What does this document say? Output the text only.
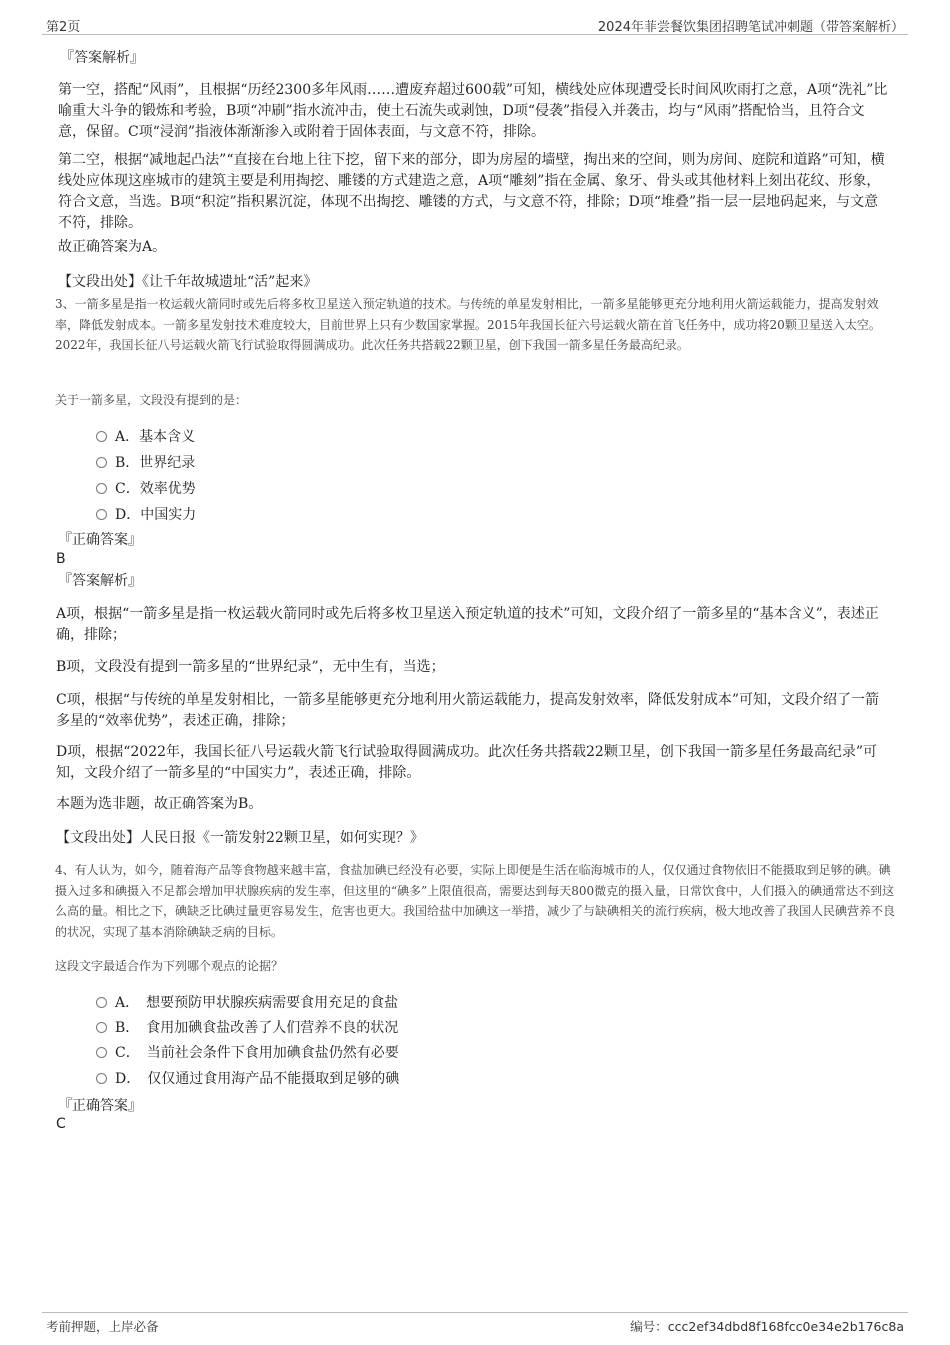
第2页	2024年菲尝餐饮集团招聘笔试冲刺题（带答案解析）

『答案解析』

第一空，搭配“风雨”，且根据“历经2300多年风雨……遭废弃超过600载”可知，横线处应体现遭受长时间风吹雨打之意，A项“洗礼”比喻重大斗争的锻炼和考验，B项“冲刷”指水流冲击，使土石流失或剥蚀，D项“侵袭”指侵入并袭击，均与“风雨”搭配恰当，且符合文意，保留。C项“浸润”指液体渐渐渗入或附着于固体表面，与文意不符，排除。

第二空，根据“减地起凸法”“直接在台地上往下挖，留下来的部分，即为房屋的墙壁，掏出来的空间，则为房间、庭院和道路”可知，横线处应体现这座城市的建筑主要是利用掏挖、雕镂的方式建造之意，A项“雕刻”指在金属、象牙、骨头或其他材料上刻出花纹、形象，符合文意，当选。B项“积淀”指积累沉淀，体现不出掏挖、雕镂的方式，与文意不符，排除；D项“堆叠”指一层一层地码起来，与文意不符，排除。

故正确答案为A。

【文段出处】《让千年故城遗址“活”起来》

3、一箭多星是指一枚运载火箭同时或先后将多枚卫星送入预定轨道的技术。与传统的单星发射相比，一箭多星能够更充分地利用火箭运载能力，提高发射效率，降低发射成本。一箭多星发射技术难度较大，目前世界上只有少数国家掌握。2015年我国长征六号运载火箭在首飞任务中，成功将20颗卫星送入太空。2022年，我国长征八号运载火箭飞行试验取得圆满成功。此次任务共搭载22颗卫星，创下我国一箭多星任务最高纪录。

关于一箭多星，文段没有提到的是：

A．基本含义
B．世界纪录
C．效率优势
D．中国实力

『正确答案』

B

『答案解析』

A项，根据“一箭多星是指一枚运载火箭同时或先后将多枚卫星送入预定轨道的技术”可知，文段介绍了一箭多星的“基本含义”，表述正确，排除；

B项，文段没有提到一箭多星的“世界纪录”，无中生有，当选；

C项，根据“与传统的单星发射相比，一箭多星能够更充分地利用火箭运载能力，提高发射效率，降低发射成本”可知，文段介绍了一箭多星的“效率优势”，表述正确，排除；

D项，根据“2022年，我国长征八号运载火箭飞行试验取得圆满成功。此次任务共搭载22颗卫星，创下我国一箭多星任务最高纪录”可知，文段介绍了一箭多星的“中国实力”，表述正确，排除。

本题为选非题，故正确答案为B。

【文段出处】人民日报《一箭发射22颗卫星，如何实现？》

4、有人认为，如今，随着海产品等食物越来越丰富，食盐加碘已经没有必要，实际上即便是生活在临海城市的人，仅仅通过食物依旧不能摄取到足够的碘。碘摄入过多和碘摄入不足都会增加甲状腺疾病的发生率，但这里的“碘多”上限值很高，需要达到每天800微克的摄入量，日常饮食中，人们摄入的碘通常达不到这么高的量。相比之下，碘缺乏比碘过量更容易发生，危害也更大。我国给盐中加碘这一举措，减少了与缺碘相关的流行疾病，极大地改善了我国人民碘营养不良的状况，实现了基本消除碘缺乏病的目标。

这段文字最适合作为下列哪个观点的论据？

A．　想要预防甲状腺疾病需要食用充足的食盐
B．　食用加碘食盐改善了人们营养不良的状况
C．　当前社会条件下食用加碘食盐仍然有必要
D．　仅仅通过食用海产品不能摄取到足够的碘

『正确答案』

C

考前押题，上岸必备	编号：ccc2ef34dbd8f168fcc0e34e2b176c8a
